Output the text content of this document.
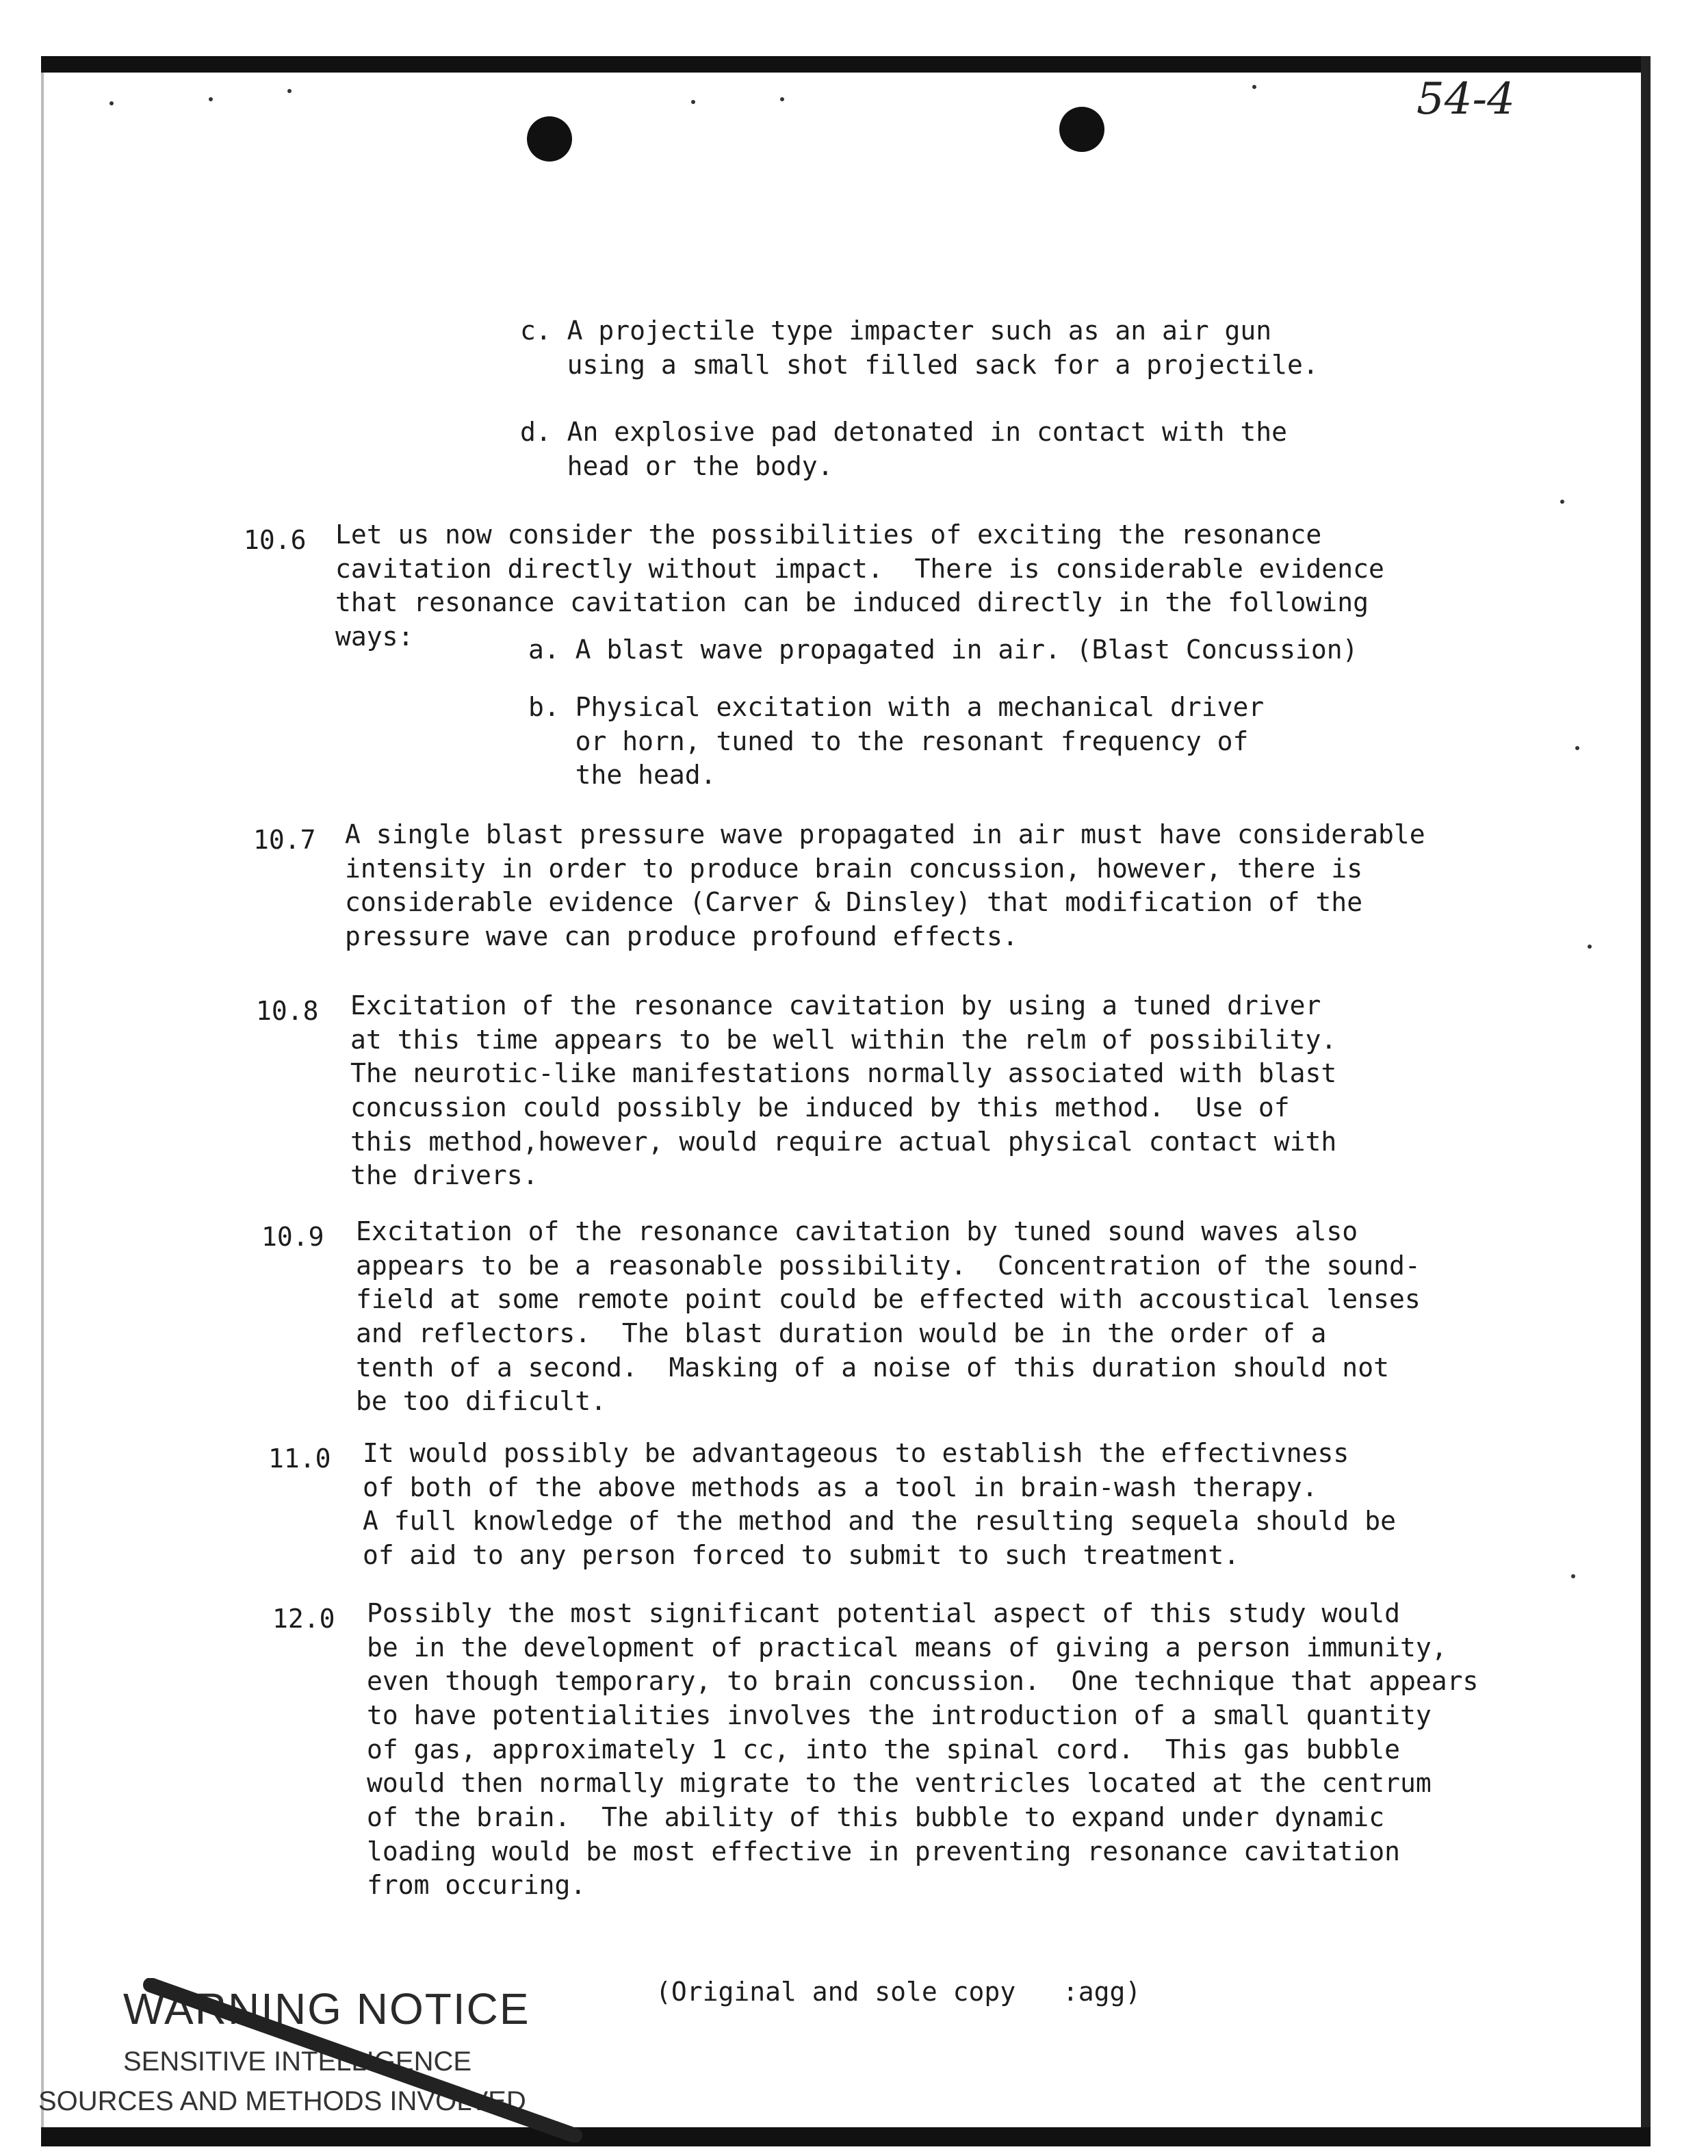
54-4
c. A projectile type impacter such as an air gun
using a small shot filled sack for a projectile.
d. An explosive pad detonated in contact with the
head or the body.
10.6 Let us now consider the possibilities of exciting the resonance
cavitation directly without impact.  There is considerable evidence
that resonance cavitation can be induced directly in the following
ways:	a. A blast wave propagated in air. (Blast Concussion)
b. Physical excitation with a mechanical driver
or horn, tuned to the resonant frequency of
the head.
10.7 A single blast pressure wave propagated in air must have considerable
intensity in order to produce brain concussion, however, there is
considerable evidence (Carver & Dinsley) that modification of the
pressure wave can produce profound effects.
10.8 Excitation of the resonance cavitation by using a tuned driver
at this time appears to be well within the relm of possibility.
The neurotic-like manifestations normally associated with blast
concussion could possibly be induced by this method.  Use of
this method,however, would require actual physical contact with
the drivers.
10.9 Excitation of the resonance cavitation by tuned sound waves also
appears to be a reasonable possibility.  Concentration of the sound-
field at some remote point could be effected with accoustical lenses
and reflectors.  The blast duration would be in the order of a
tenth of a second.  Masking of a noise of this duration should not
be too dificult.
11.0 It would possibly be advantageous to establish the effectivness
of both of the above methods as a tool in brain-wash therapy.
A full knowledge of the method and the resulting sequela should be
of aid to any person forced to submit to such treatment.
12.0 Possibly the most significant potential aspect of this study would
be in the development of practical means of giving a person immunity,
even though temporary, to brain concussion.  One technique that appears
to have potentialities involves the introduction of a small quantity
of gas, approximately 1 cc, into the spinal cord.  This gas bubble
would then normally migrate to the ventricles located at the centrum
of the brain.  The ability of this bubble to expand under dynamic
loading would be most effective in preventing resonance cavitation
from occuring.
(Original and sole copy   :agg)
WARNING NOTICE
SENSITIVE INTELLIGENCE
SOURCES AND METHODS INVOLVED
